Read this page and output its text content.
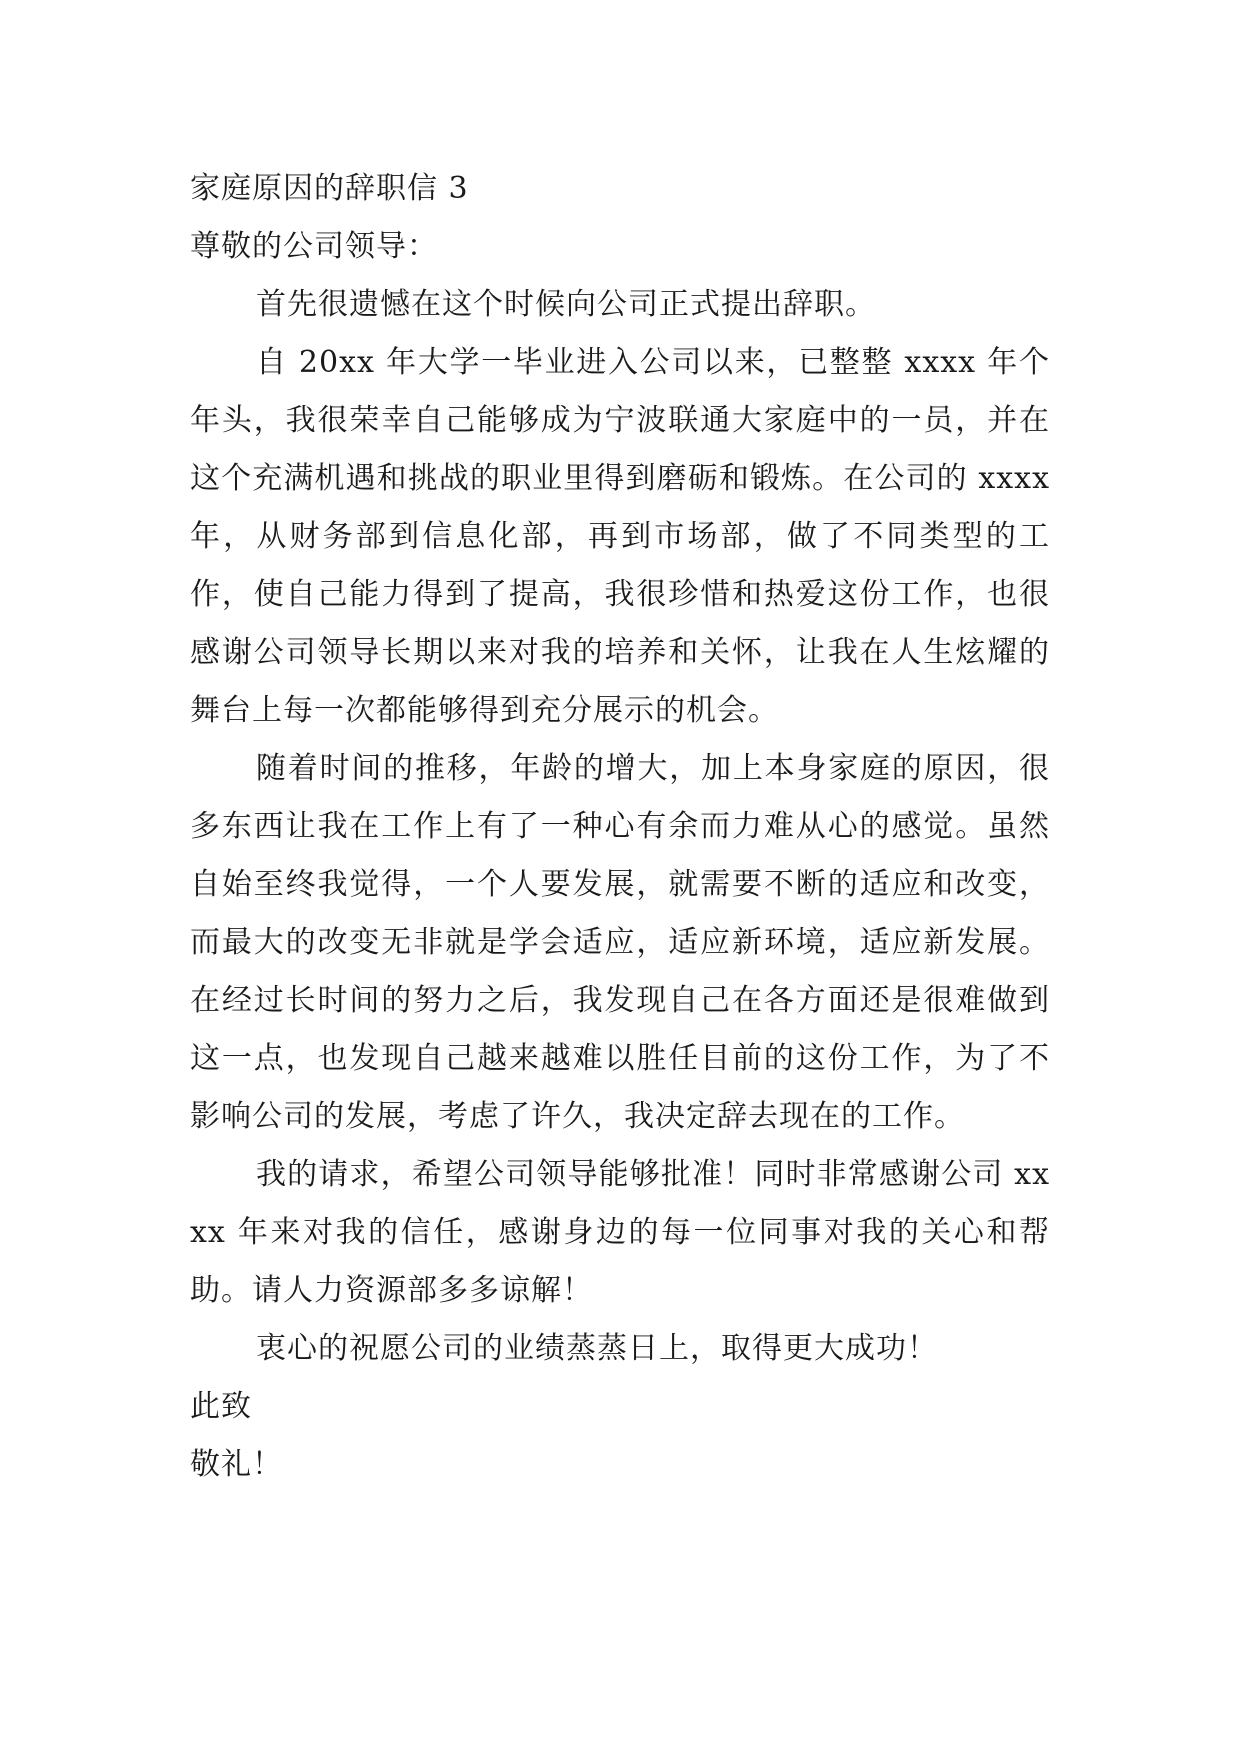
家庭原因的辞职信 3

尊敬的公司领导：

首先很遗憾在这个时候向公司正式提出辞职。

自 20xx 年大学一毕业进入公司以来，已整整 xxxx 年个年头，我很荣幸自己能够成为宁波联通大家庭中的一员，并在这个充满机遇和挑战的职业里得到磨砺和锻炼。在公司的 xxxx 年，从财务部到信息化部，再到市场部，做了不同类型的工作，使自己能力得到了提高，我很珍惜和热爱这份工作，也很感谢公司领导长期以来对我的培养和关怀，让我在人生炫耀的舞台上每一次都能够得到充分展示的机会。

随着时间的推移，年龄的增大，加上本身家庭的原因，很多东西让我在工作上有了一种心有余而力难从心的感觉。虽然自始至终我觉得，一个人要发展，就需要不断的适应和改变，而最大的改变无非就是学会适应，适应新环境，适应新发展。在经过长时间的努力之后，我发现自己在各方面还是很难做到这一点，也发现自己越来越难以胜任目前的这份工作，为了不影响公司的发展，考虑了许久，我决定辞去现在的工作。

我的请求，希望公司领导能够批准！同时非常感谢公司 xxxx 年来对我的信任，感谢身边的每一位同事对我的关心和帮助。请人力资源部多多谅解！

衷心的祝愿公司的业绩蒸蒸日上，取得更大成功！

此致

敬礼！
